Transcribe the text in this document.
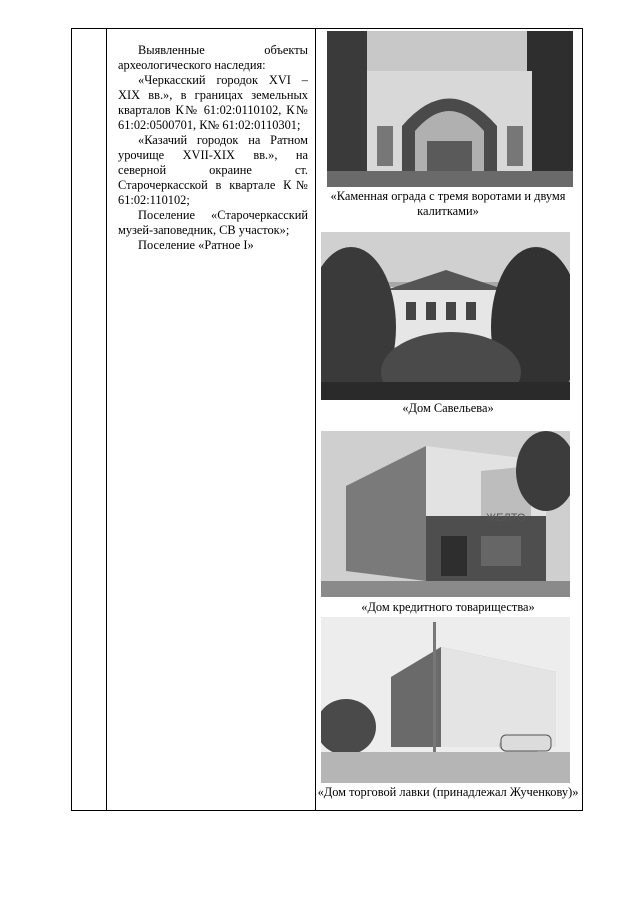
Выявленные объекты археологического наследия:

«Черкасский городок XVI – XIX вв.», в границах земельных кварталов К№ 61:02:0110102, К№ 61:02:0500701, К№ 61:02:0110301;

«Казачий городок на Ратном урочище XVII-XIX вв.», на северной окраине ст. Старочеркасской в квартале К№ 61:02:110102;

Поселение «Старочеркасский музей-заповедник, СВ участок»;

Поселение «Ратное I»

«Каменная ограда с тремя воротами и двумя калитками»
«Дом Савельева»
ЖЕЛТО
«Дом кредитного товарищества»
«Дом торговой лавки (принадлежал Жученкову)»
